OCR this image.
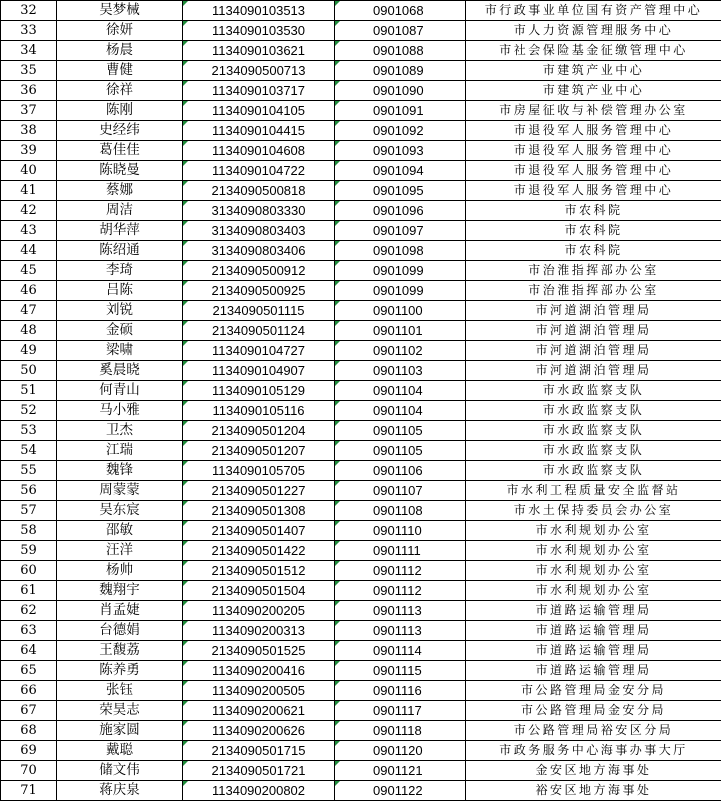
32	吴梦械	1134090103513	0901068	市行政事业单位国有资产管理中心
33	徐妍	1134090103530	0901087	市人力资源管理服务中心
34	杨晨	1134090103621	0901088	市社会保险基金征缴管理中心
35	曹健	2134090500713	0901089	市建筑产业中心
36	徐祥	1134090103717	0901090	市建筑产业中心
37	陈刚	1134090104105	0901091	市房屋征收与补偿管理办公室
38	史经纬	1134090104415	0901092	市退役军人服务管理中心
39	葛佳佳	1134090104608	0901093	市退役军人服务管理中心
40	陈晓曼	1134090104722	0901094	市退役军人服务管理中心
41	蔡娜	2134090500818	0901095	市退役军人服务管理中心
42	周洁	3134090803330	0901096	市农科院
43	胡华萍	3134090803403	0901097	市农科院
44	陈绍通	3134090803406	0901098	市农科院
45	李琦	2134090500912	0901099	市治淮指挥部办公室
46	吕陈	2134090500925	0901099	市治淮指挥部办公室
47	刘锐	2134090501115	0901100	市河道湖泊管理局
48	金硕	2134090501124	0901101	市河道湖泊管理局
49	梁啸	1134090104727	0901102	市河道湖泊管理局
50	奚晨晓	1134090104907	0901103	市河道湖泊管理局
51	何青山	1134090105129	0901104	市水政监察支队
52	马小雅	1134090105116	0901104	市水政监察支队
53	卫杰	2134090501204	0901105	市水政监察支队
54	江瑞	2134090501207	0901105	市水政监察支队
55	魏锋	1134090105705	0901106	市水政监察支队
56	周蒙蒙	2134090501227	0901107	市水利工程质量安全监督站
57	吴东宸	2134090501308	0901108	市水土保持委员会办公室
58	邵敏	2134090501407	0901110	市水利规划办公室
59	汪洋	2134090501422	0901111	市水利规划办公室
60	杨帅	2134090501512	0901112	市水利规划办公室
61	魏翔宇	2134090501504	0901112	市水利规划办公室
62	肖孟婕	1134090200205	0901113	市道路运输管理局
63	台德娟	1134090200313	0901113	市道路运输管理局
64	王馥荔	2134090501525	0901114	市道路运输管理局
65	陈养勇	1134090200416	0901115	市道路运输管理局
66	张钰	1134090200505	0901116	市公路管理局金安分局
67	荣昊志	1134090200621	0901117	市公路管理局金安分局
68	施家圆	1134090200626	0901118	市公路管理局裕安区分局
69	戴聪	2134090501715	0901120	市政务服务中心海事办事大厅
70	储文伟	2134090501721	0901121	金安区地方海事处
71	蒋庆泉	1134090200802	0901122	裕安区地方海事处
